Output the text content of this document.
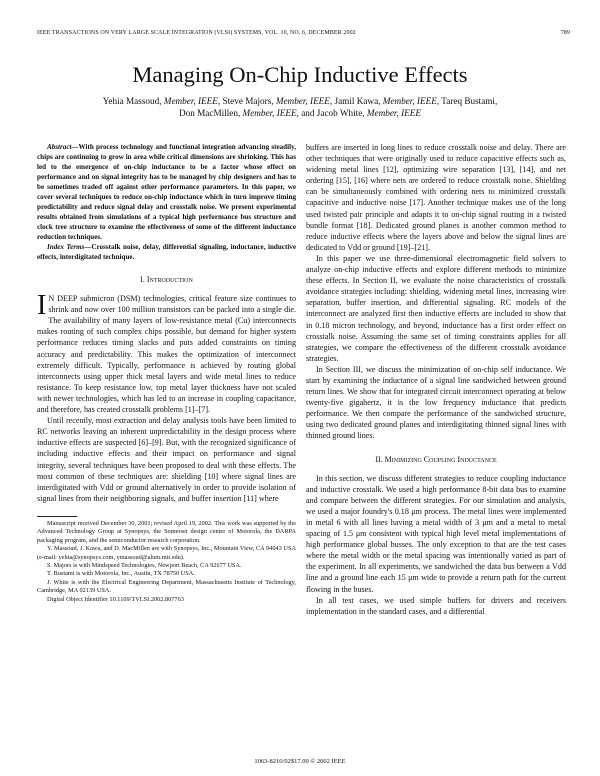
IEEE TRANSACTIONS ON VERY LARGE SCALE INTEGRATION (VLSI) SYSTEMS, VOL. 10, NO. 6, DECEMBER 2002	789
Managing On-Chip Inductive Effects
Yehia Massoud, Member, IEEE, Steve Majors, Member, IEEE, Jamil Kawa, Member, IEEE, Tareq Bustami,
Don MacMillen, Member, IEEE, and Jacob White, Member, IEEE

Abstract—With process technology and functional integration advancing steadily, chips are continuing to grow in area while critical dimensions are shrinking. This has led to the emergence of on-chip inductance to be a factor whose effect on performance and on signal integrity has to be managed by chip designers and has to be sometimes traded off against other performance parameters. In this paper, we cover several techniques to reduce on-chip inductance which in turn improve timing predictability and reduce signal delay and crosstalk noise. We present experimental results obtained from simulations of a typical high performance bus structure and clock tree structure to examine the effectiveness of some of the different inductance reduction techniques.

Index Terms—Crosstalk noise, delay, differential signaling, inductance, inductive effects, interdigitated technique.

I. Introduction

I N DEEP submicron (DSM) technologies, critical feature size continues to shrink and now over 100 million transistors can be packed into a single die. The availability of many layers of low-resistance metal (Cu) interconnects makes routing of such complex chips possible, but demand for higher system performance reduces timing slacks and puts added constraints on timing accuracy and predictability. This makes the optimization of interconnect extremely difficult. Typically, performance is achieved by routing global interconnects using upper thick metal layers and wide metal lines to reduce resistance. To keep resistance low, top metal layer thickness have not scaled with newer technologies, which has led to an increase in coupling capacitance, and therefore, has created crosstalk problems [1]–[7].

Until recently, most extraction and delay analysis tools have been limited to RC networks leaving an inherent unpredictability in the design process where inductive effects are suspected [6]–[9]. But, with the recognized significance of including inductive effects and their impact on performance and signal integrity, several techniques have been proposed to deal with these effects. The most common of these techniques are: shielding [10] where signal lines are interdigitated with Vdd or ground alternatively in order to provide isolation of signal lines from their neighboring signals, and buffer insertion [11] where

Manuscript received December 30, 2001; revised April 19, 2002. This work was supported by the Advanced Technology Group at Synopsys, the Somerset design center of Motorola, the DARPA packaging program, and the semiconductor research corporation.

Y. Massoud, J. Kawa, and D. MacMillen are with Synopsys, Inc., Mountain View, CA 94043 USA (e-mail: yehia@synopsys.com, ymassoud@alum.mit.edu).

S. Majors is with Mindspeed Technologies, Newport Beach, CA 92677 USA.

T. Bustami is with Motorola, Inc., Austin, TX 78750 USA.

J. White is with the Electrical Engineering Department, Massachusetts Institute of Technology, Cambridge, MA 02139 USA.

Digital Object Identifier 10.1109/TVLSI.2002.807763

buffers are inserted in long lines to reduce crosstalk noise and delay. There are other techniques that were originally used to reduce capacitive effects such as, widening metal lines [12], optimizing wire separation [13], [14], and net ordering [15], [16] where nets are ordered to reduce crosstalk noise. Shielding can be simultaneously combined with ordering nets to minimized crosstalk capacitive and inductive noise [17]. Another technique makes use of the long used twisted pair principle and adapts it to on-chip signal routing in a twisted bundle format [18]. Dedicated ground planes is another common method to reduce inductive effects where the layers above and below the signal lines are dedicated to Vdd or ground [19]–[21].

In this paper we use three-dimensional electromagnetic field solvers to analyze on-chip inductive effects and explore different methods to minimize these effects. In Section II, we evaluate the noise characteristics of crosstalk avoidance strategies including: shielding, widening metal lines, increasing wire separation, buffer insertion, and differential signaling. RC models of the interconnect are analyzed first then inductive effects are included to show that in 0.18 micron technology, and beyond, inductance has a first order effect on crosstalk noise. Assuming the same set of timing constraints applies for all strategies, we compare the effectiveness of the different crosstalk avoidance strategies.

In Section III, we discuss the minimization of on-chip self inductance. We start by examining the inductance of a signal line sandwiched between ground return lines. We show that for integrated circuit interconnect operating at below twenty-five gigahertz, it is the low frequency inductance that predicts performance. We then compare the performance of the sandwiched structure, using two dedicated ground planes and interdigitating thinned signal lines with thinned ground lines.

II. Minimizing Coupling Inductance

In this section, we discuss different strategies to reduce coupling inductance and inductive crosstalk. We used a high performance 8-bit data bus to examine and compare between the different strategies. For our simulation and analysis, we used a major foundry's 0.18 μm process. The metal lines were implemented in metal 6 with all lines having a metal width of 3 μm and a metal to metal spacing of 1.5 μm consistent with typical high level metal implementations of high performance global busses. The only exception to that are the test cases where the metal width or the metal spacing was intentionally varied as part of the experiment. In all experiments, we sandwiched the data bus between a Vdd line and a ground line each 15 μm wide to provide a return path for the current flowing in the buses.

In all test cases, we used simple buffers for drivers and receivers implementation in the standard cases, and a differential

1063-8210/02$17.00 © 2002 IEEE
